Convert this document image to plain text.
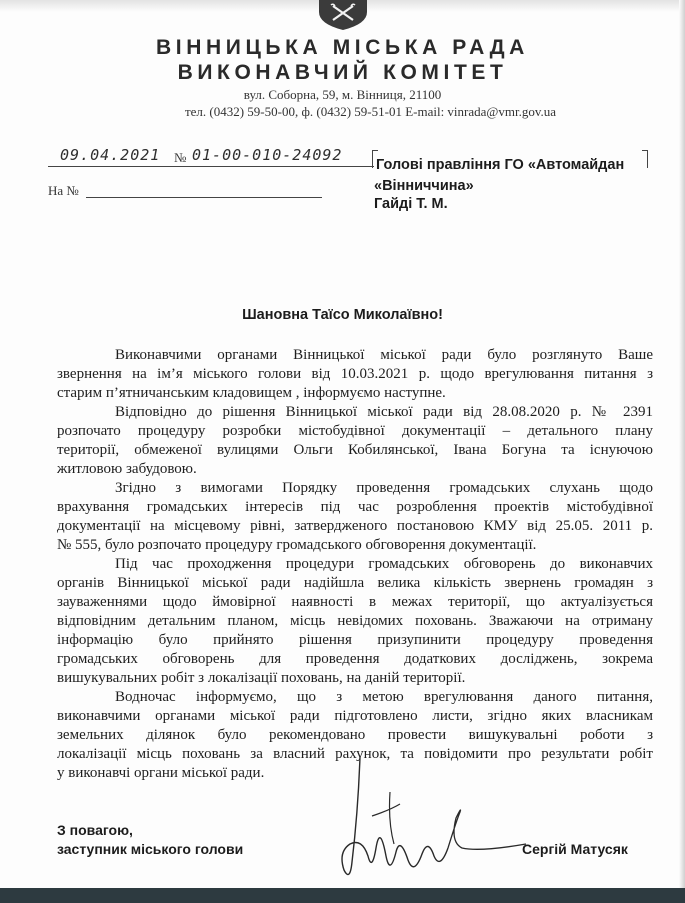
ВІННИЦЬКА МІСЬКА РАДА
ВИКОНАВЧИЙ КОМІТЕТ
вул. Соборна, 59, м. Вінниця, 21100
тел. (0432) 59-50-00, ф. (0432) 59-51-01 E-mail: vinrada@vmr.gov.ua
09.04.2021 № 01-00-010-24092
На №
Голові правління ГО «Автомайдан
«Вінниччина»
Гайді Т. М.
Шановна Таїсо Миколаївно!
Виконавчими органами Вінницької міської ради було розглянуто Ваше
звернення на ім’я міського голови від 10.03.2021 р. щодо врегулювання питання з
старим п’ятничанським кладовищем , інформуємо наступне.
Відповідно до рішення Вінницької міської ради від 28.08.2020 р. № 2391
розпочато процедуру розробки містобудівної документації – детального плану
території, обмеженої вулицями Ольги Кобилянської, Івана Богуна та існуючою
житловою забудовою.
Згідно з вимогами Порядку проведення громадських слухань щодо
врахування громадських інтересів під час розроблення проектів містобудівної
документації на місцевому рівні, затвердженого постановою КМУ від 25.05. 2011 р.
№ 555, було розпочато процедуру громадського обговорення документації.
Під час проходження процедури громадських обговорень до виконавчих
органів Вінницької міської ради надійшла велика кількість звернень громадян з
зауваженнями щодо ймовірної наявності в межах території, що актуалізується
відповідним детальним планом, місць невідомих поховань. Зважаючи на отриману
інформацію було прийнято рішення призупинити процедуру проведення
громадських обговорень для проведення додаткових досліджень, зокрема
вишукувальних робіт з локалізації поховань, на даній території.
Водночас інформуємо, що з метою врегулювання даного питання,
виконавчими органами міської ради підготовлено листи, згідно яких власникам
земельних ділянок було рекомендовано провести вишукувальні роботи з
локалізації місць поховань за власний рахунок, та повідомити про результати робіт
у виконавчі органи міської ради.
З повагою,
заступник міського голови	Сергій Матусяк
